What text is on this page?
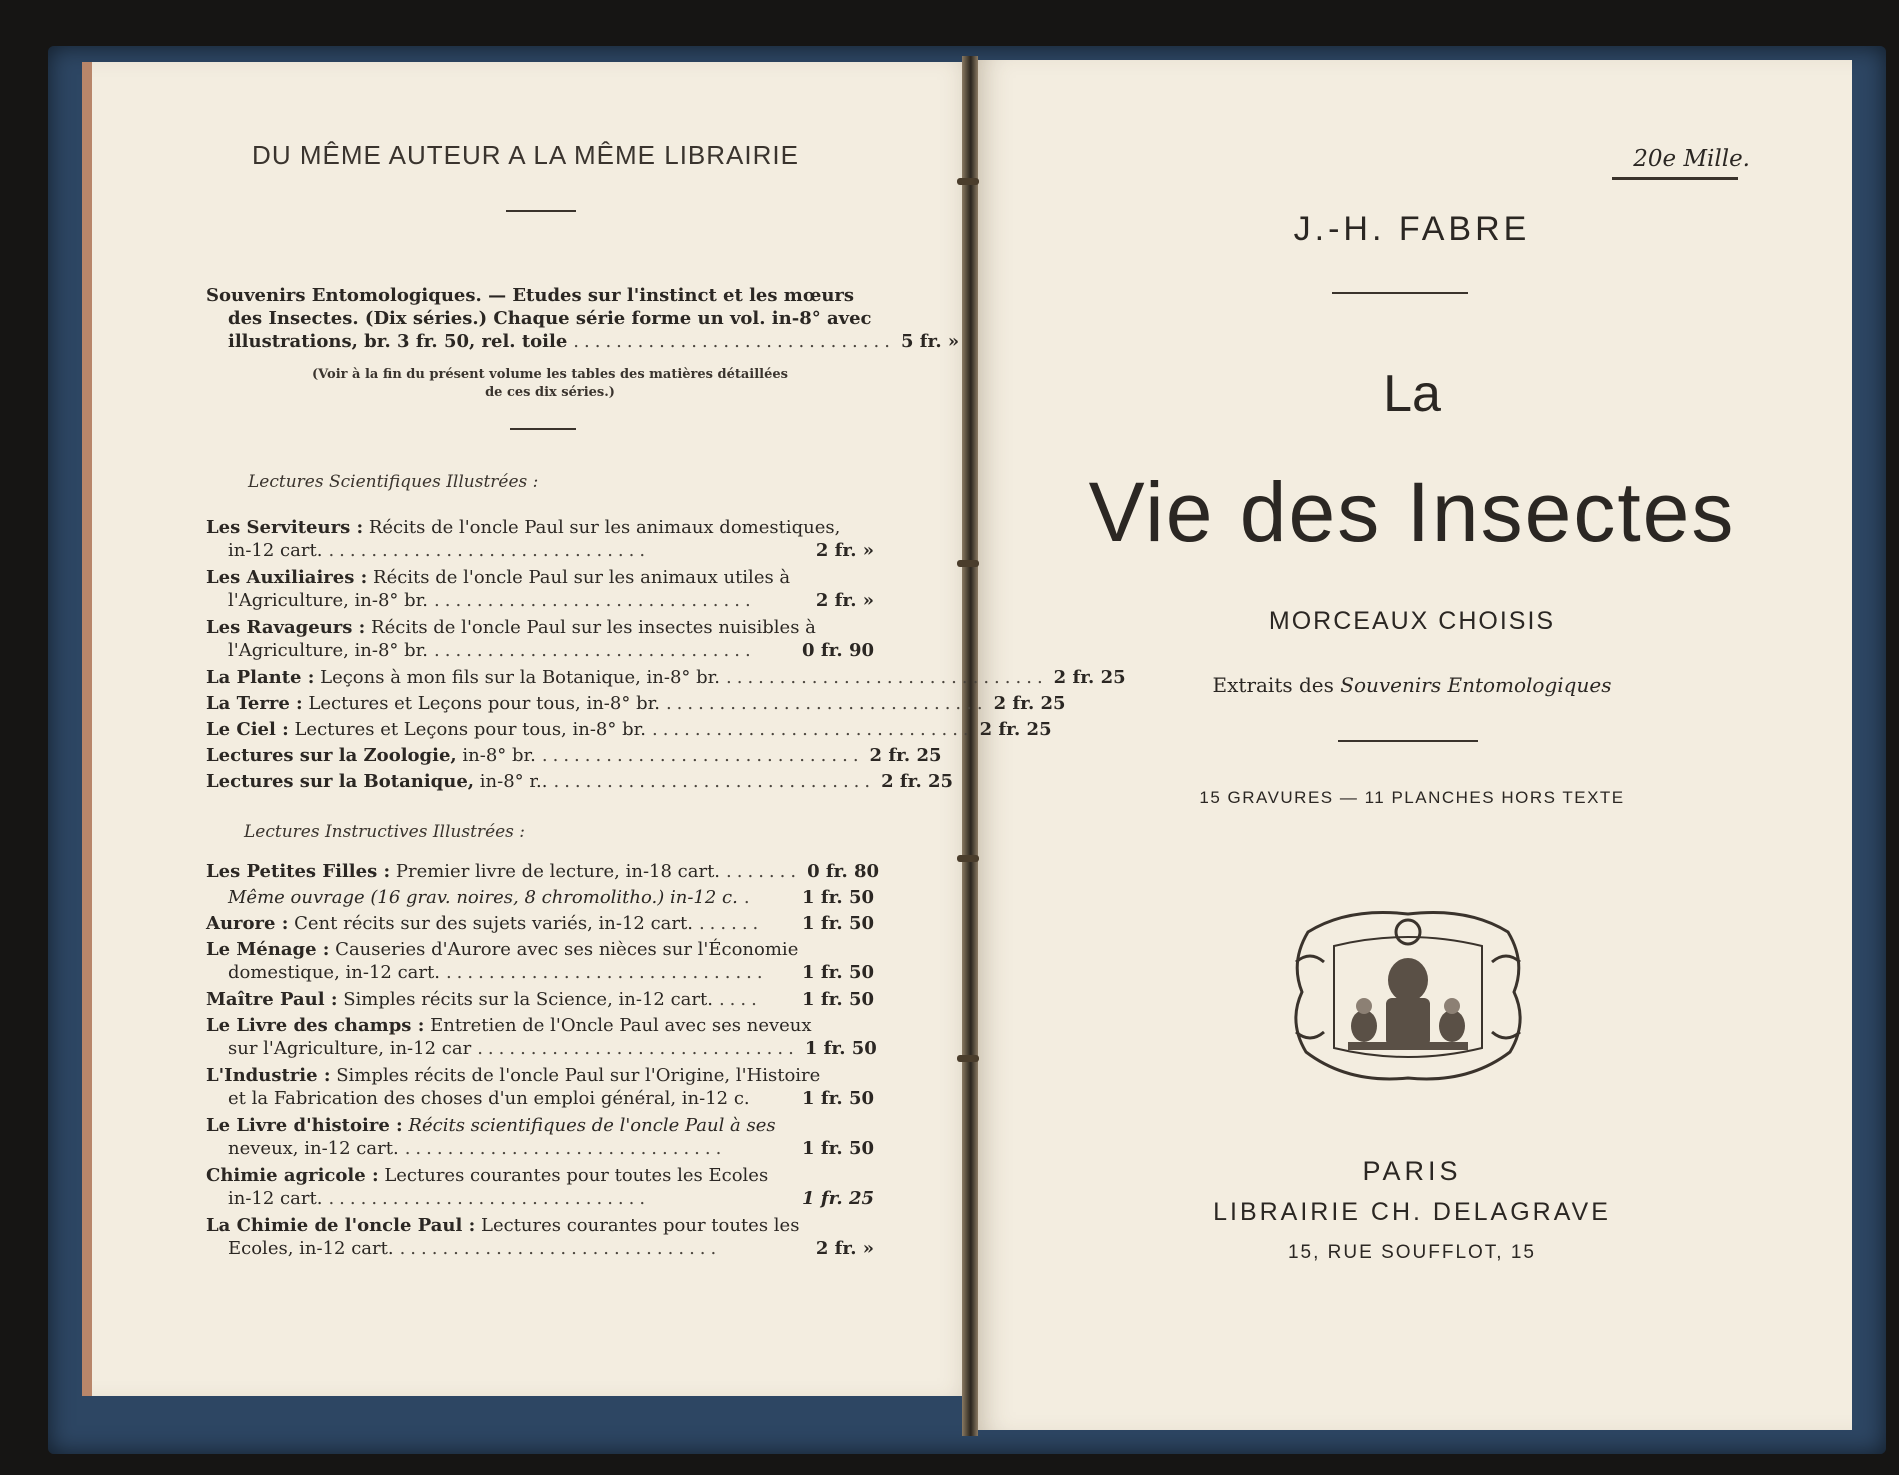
DU MÊME AUTEUR A LA MÊME LIBRAIRIE
Souvenirs Entomologiques. — Etudes sur l'instinct et les mœurs
des Insectes. (Dix séries.) Chaque série forme un vol. in-8° avec
illustrations, br. 3 fr. 50, rel. toile .............................. 5 fr. »
(Voir à la fin du présent volume les tables des matières détaillées
de ces dix séries.)
Lectures Scientifiques Illustrées :
Les Serviteurs : Récits de l'oncle Paul sur les animaux domestiques,
in-12 cart. ..............................	2 fr. »
Les Auxiliaires : Récits de l'oncle Paul sur les animaux utiles à
l'Agriculture, in-8° br. ..............................	2 fr. »
Les Ravageurs : Récits de l'oncle Paul sur les insectes nuisibles à
l'Agriculture, in-8° br. ..............................	0 fr. 90
La Plante : Leçons à mon fils sur la Botanique, in-8° br. .............................. 2 fr. 25
La Terre : Lectures et Leçons pour tous, in-8° br. .............................. 2 fr. 25
Le Ciel : Lectures et Leçons pour tous, in-8° br. .............................. 2 fr. 25
Lectures sur la Zoologie, in-8° br. .............................. 2 fr. 25
Lectures sur la Botanique, in-8° r.. .............................. 2 fr. 25
Lectures Instructives Illustrées :
Les Petites Filles : Premier livre de lecture, in-18 cart. ....... 0 fr. 80
Même ouvrage (16 grav. noires, 8 chromolitho.) in-12 c. .	1 fr. 50
Aurore : Cent récits sur des sujets variés, in-12 cart. ......	1 fr. 50
Le Ménage : Causeries d'Aurore avec ses nièces sur l'Économie
domestique, in-12 cart. ..............................	1 fr. 50
Maître Paul : Simples récits sur la Science, in-12 cart. ....	1 fr. 50
Le Livre des champs : Entretien de l'Oncle Paul avec ses neveux
sur l'Agriculture, in-12 car .............................. 1 fr. 50
L'Industrie : Simples récits de l'oncle Paul sur l'Origine, l'Histoire
et la Fabrication des choses d'un emploi général, in-12 c.	1 fr. 50
Le Livre d'histoire : Récits scientifiques de l'oncle Paul à ses
neveux, in-12 cart. ..............................	1 fr. 50
Chimie agricole : Lectures courantes pour toutes les Ecoles
in-12 cart. ..............................	1 fr. 25
La Chimie de l'oncle Paul : Lectures courantes pour toutes les
Ecoles, in-12 cart. ..............................	2 fr. »
20e Mille.
J.-H. FABRE
La
Vie des Insectes
MORCEAUX CHOISIS
Extraits des Souvenirs Entomologiques
15 GRAVURES — 11 PLANCHES HORS TEXTE
PARIS
LIBRAIRIE CH. DELAGRAVE
15, RUE SOUFFLOT, 15
